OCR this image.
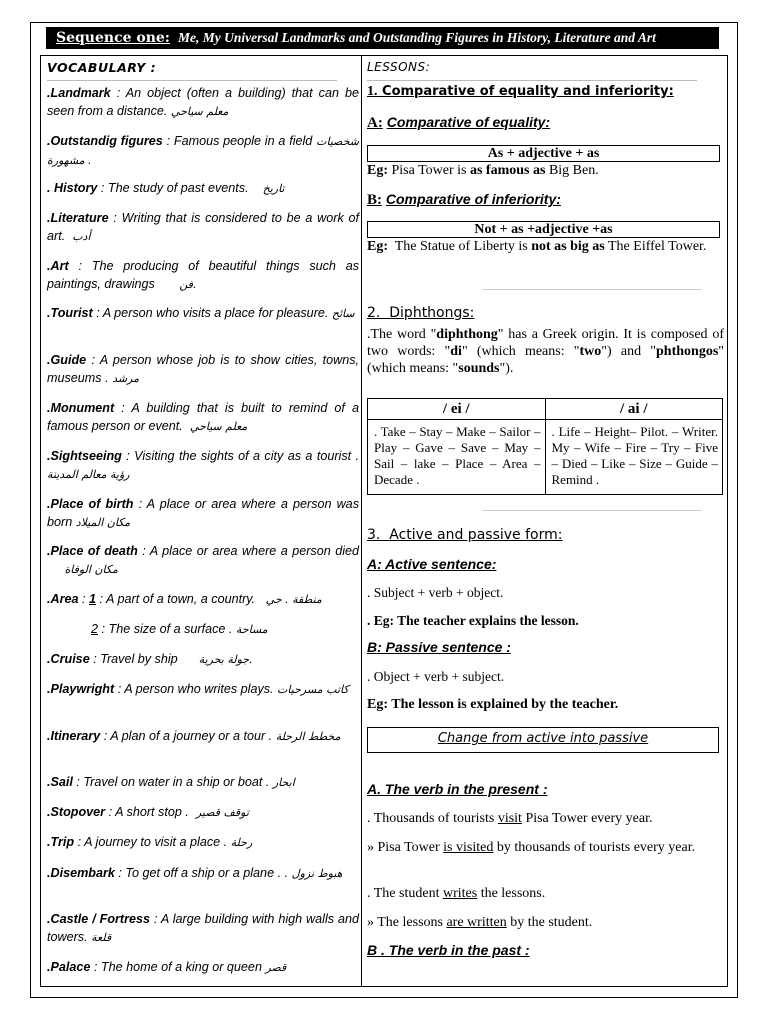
Sequence one: Me, My Universal Landmarks and Outstanding Figures in History, Literature and Art
VOCABULARY :
.Landmark : An object (often a building) that can be seen from a distance. معلم سياحي
.Outstandig figures : Famous people in a field شخصيات مشهورة .
. History : The study of past events. تاريخ
.Literature : Writing that is considered to be a work of art. أدب
.Art : The producing of beautiful things such as paintings, drawings فن.
.Tourist : A person who visits a place for pleasure. سائح
.Guide : A person whose job is to show cities, towns, museums . مرشد
.Monument : A building that is built to remind of a famous person or event. معلم سياحي
.Sightseeing : Visiting the sights of a city as a tourist . رؤية معالم المدينة
.Place of birth : A place or area where a person was born مكان الميلاد
.Place of death : A place or area where a person died      مكان الوفاة
.Area : 1 : A part of a town, a country. منطقة . حي
2 : The size of a surface . مساحة
.Cruise : Travel by ship جولة بحرية.
.Playwright : A person who writes plays. كاتب مسرحيات
.Itinerary : A plan of a journey or a tour . مخطط الرحلة
.Sail : Travel on water in a ship or boat . ابحار
.Stopover : A short stop . توقف قصير
.Trip : A journey to visit a place . رحلة
.Disembark : To get off a ship or a plane . . هبوط نزول
.Castle / Fortress : A large building with high walls and towers. قلعة
.Palace : The home of a king or queen قصر
LESSONS:
1. Comparative of equality and inferiority:
A: Comparative of equality:
As + adjective + as
Eg: Pisa Tower is as famous as Big Ben.
B: Comparative of inferiority:
Not + as +adjective +as
Eg: The Statue of Liberty is not as big as The Eiffel Tower.
2. Diphthongs:
.The word "diphthong" has a Greek origin. It is composed of two words: "di" (which means: "two") and "phthongos" (which means: "sounds").
/ ei /	/ ai /
. Take – Stay – Make – Sailor – Play – Gave – Save – May – Sail – lake – Place – Area – Decade .	. Life – Height– Pilot. – Writer. My – Wife – Fire – Try – Five – Died – Like – Size – Guide – Remind .
3. Active and passive form:
A: Active sentence:
. Subject + verb + object.
. Eg: The teacher explains the lesson.
B: Passive sentence :
. Object + verb + subject.
Eg: The lesson is explained by the teacher.
Change from active into passive
A. The verb in the present :
. Thousands of tourists visit Pisa Tower every year.
» Pisa Tower is visited by thousands of tourists every year.
. The student writes the lessons.
» The lessons are written by the student.
B . The verb in the past :
